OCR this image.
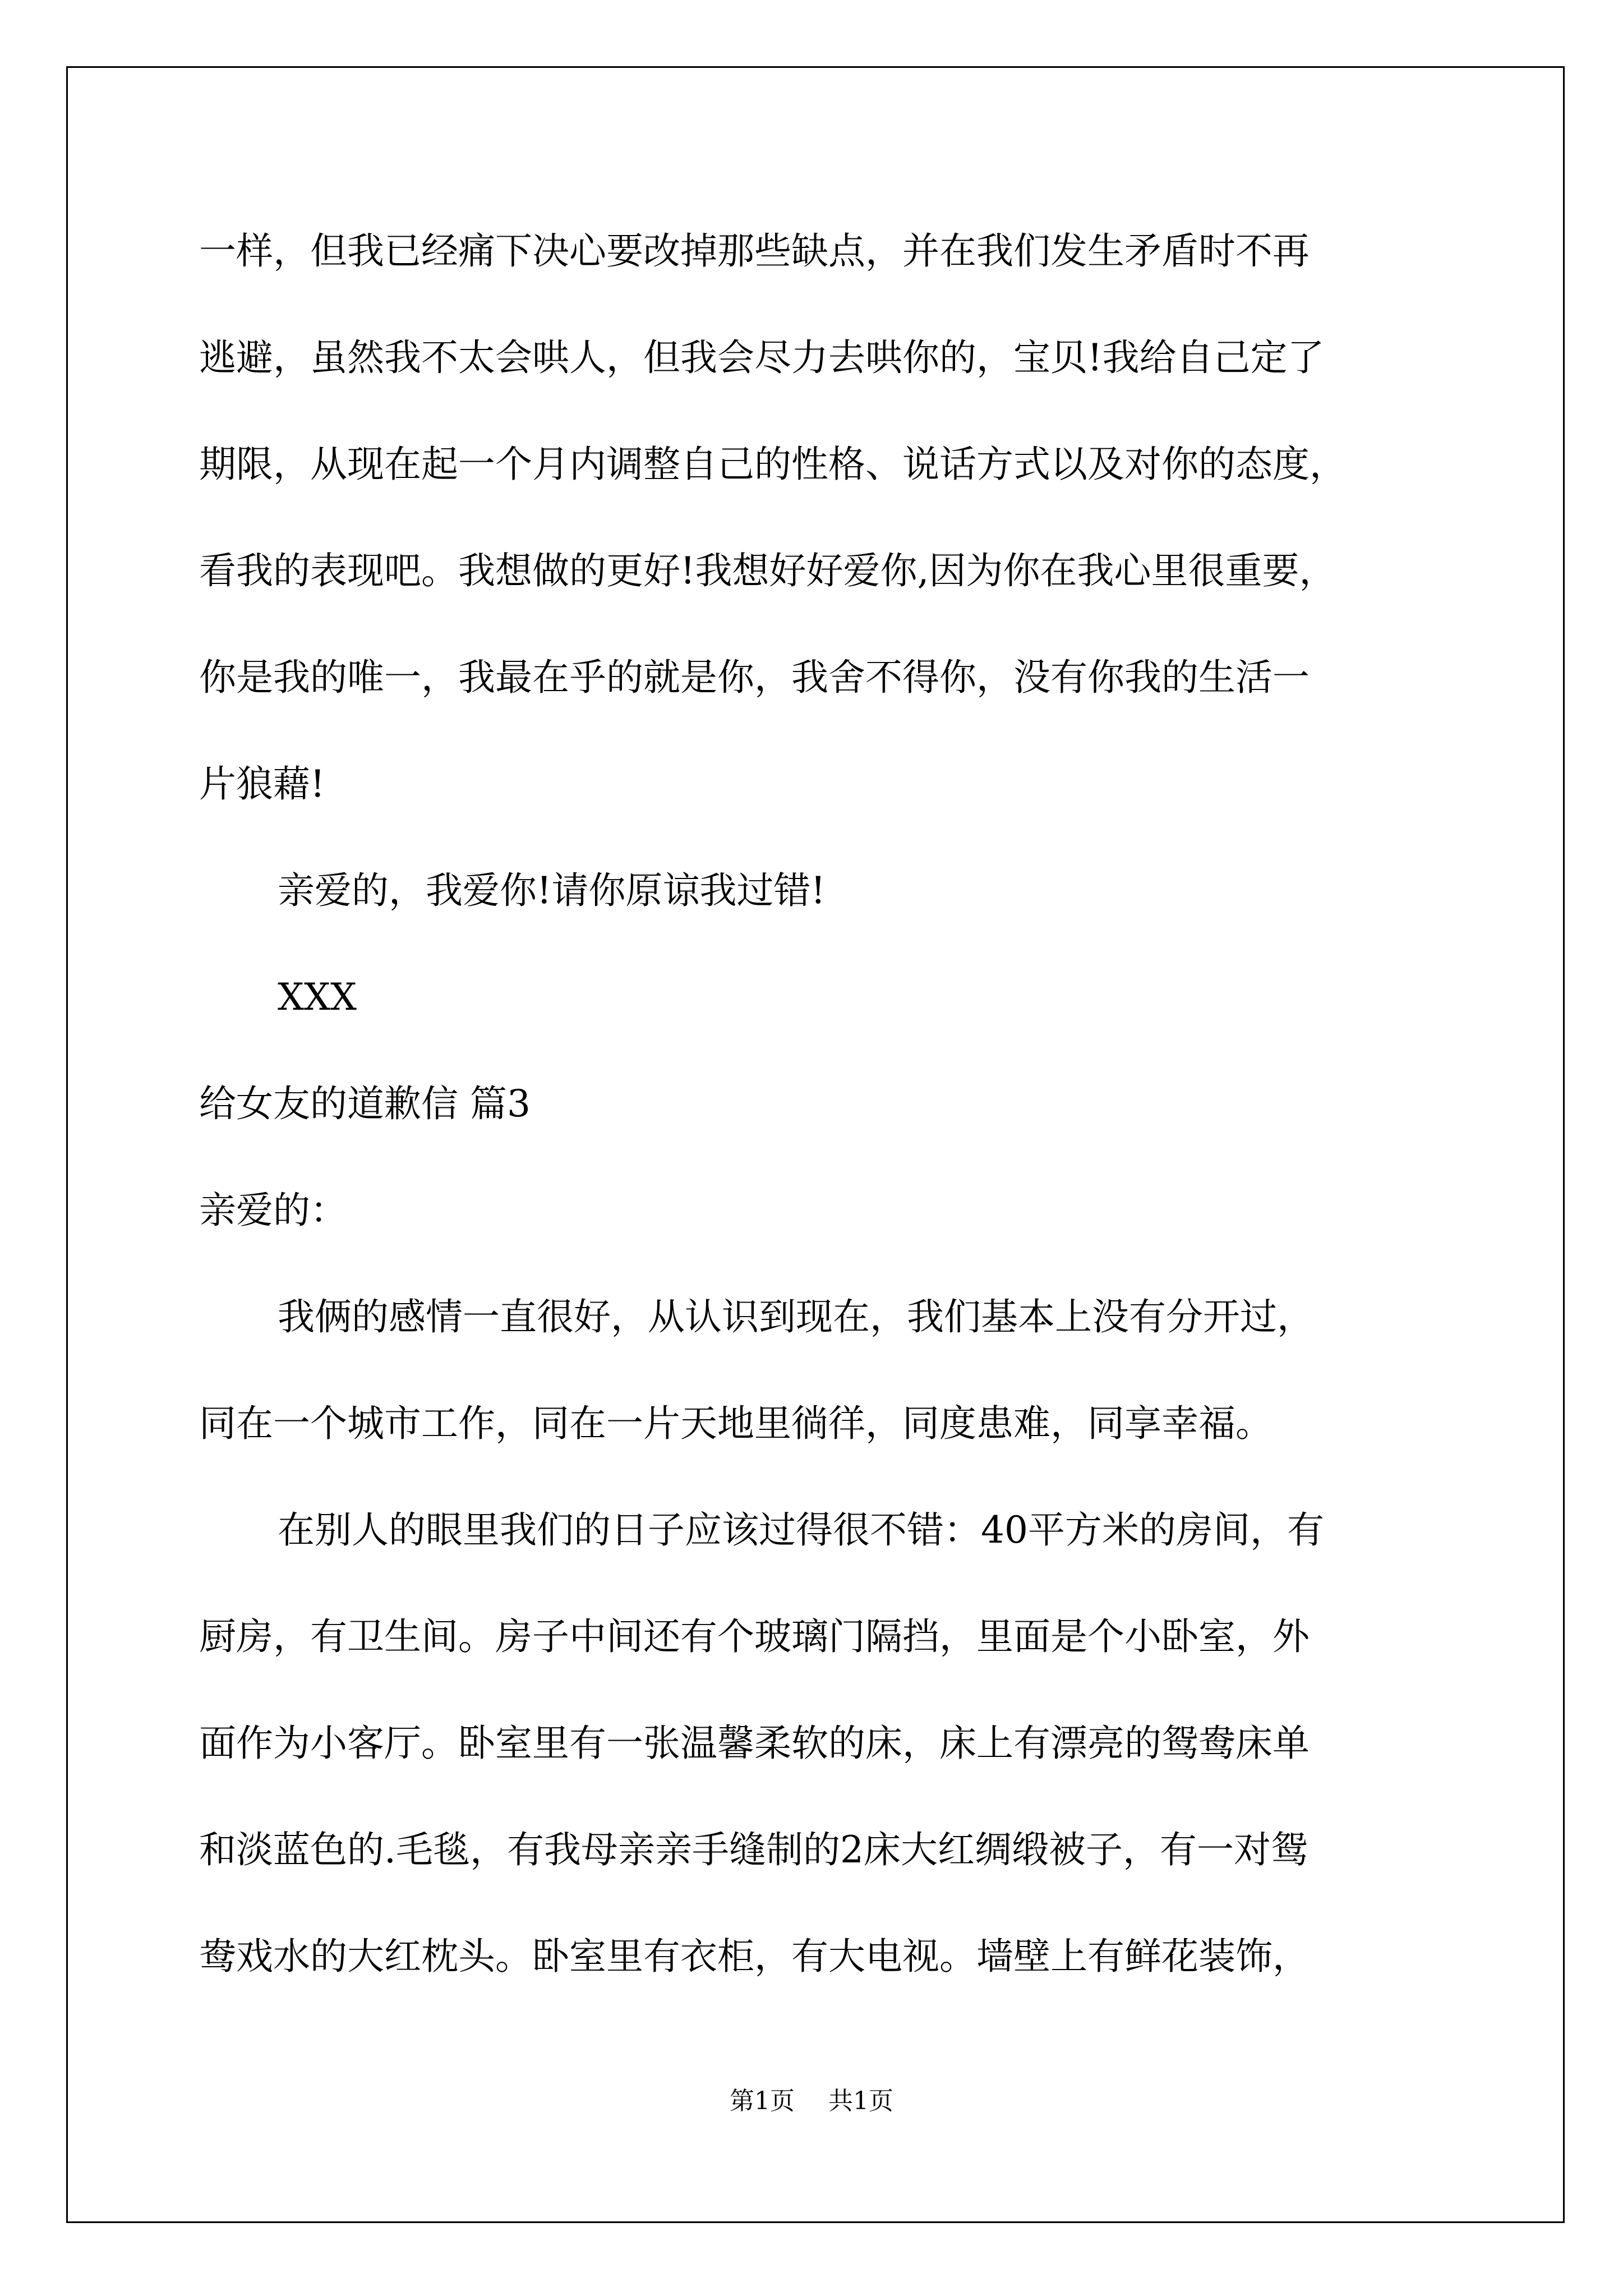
一样，但我已经痛下决心要改掉那些缺点，并在我们发生矛盾时不再
逃避，虽然我不太会哄人，但我会尽力去哄你的，宝贝!我给自己定了
期限，从现在起一个月内调整自己的性格、说话方式以及对你的态度，
看我的表现吧。我想做的更好!我想好好爱你,因为你在我心里很重要，
你是我的唯一，我最在乎的就是你，我舍不得你，没有你我的生活一
片狼藉!
亲爱的，我爱你!请你原谅我过错!
XXX
给女友的道歉信 篇3
亲爱的：
我俩的感情一直很好，从认识到现在，我们基本上没有分开过，
同在一个城市工作，同在一片天地里徜徉，同度患难，同享幸福。
在别人的眼里我们的日子应该过得很不错：40平方米的房间，有
厨房，有卫生间。房子中间还有个玻璃门隔挡，里面是个小卧室，外
面作为小客厅。卧室里有一张温馨柔软的床，床上有漂亮的鸳鸯床单
和淡蓝色的.毛毯，有我母亲亲手缝制的2床大红绸缎被子，有一对鸳
鸯戏水的大红枕头。卧室里有衣柜，有大电视。墙壁上有鲜花装饰，
第1页 共1页
